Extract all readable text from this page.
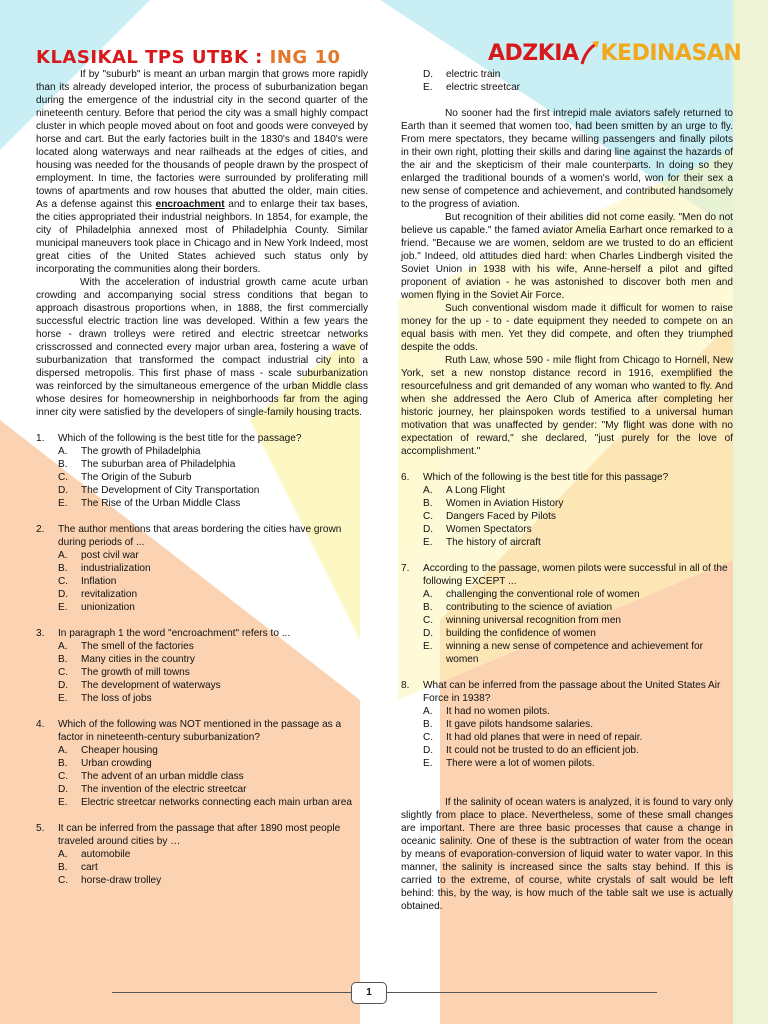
KLASIKAL TPS UTBK : ING 10	ADZKIA KEDINASAN

If by "suburb" is meant an urban margin that grows more rapidly than its already developed interior, the process of suburbanization began during the emergence of the industrial city in the second quarter of the nineteenth century. Before that period the city was a small highly compact cluster in which people moved about on foot and goods were conveyed by horse and cart. But the early factories built in the 1830's and 1840's were located along waterways and near railheads at the edges of cities, and housing was needed for the thousands of people drawn by the prospect of employment. In time, the factories were surrounded by proliferating mill towns of apartments and row houses that abutted the older, main cities. As a defense against this encroachment and to enlarge their tax bases, the cities appropriated their industrial neighbors. In 1854, for example, the city of Philadelphia annexed most of Philadelphia County. Similar municipal maneuvers took place in Chicago and in New York Indeed, most great cities of the United States achieved such status only by incorporating the communities along their borders.

With the acceleration of industrial growth came acute urban crowding and accompanying social stress conditions that began to approach disastrous proportions when, in 1888, the first commercially successful electric traction line was developed. Within a few years the horse - drawn trolleys were retired and electric streetcar networks crisscrossed and connected every major urban area, fostering a wave of suburbanization that transformed the compact industrial city into a dispersed metropolis. This first phase of mass - scale suburbanization was reinforced by the simultaneous emergence of the urban Middle class whose desires for homeownership in neighborhoods far from the aging inner city were satisfied by the developers of single-family housing tracts.

1.	Which of the following is the best title for the passage?
A.	The growth of Philadelphia
B.	The suburban area of Philadelphia
C.	The Origin of the Suburb
D.	The Development of City Transportation
E.	The Rise of the Urban Middle Class
2.	The author mentions that areas bordering the cities have grown during periods of ...
A.	post civil war
B.	industrialization
C.	Inflation
D.	revitalization
E.	unionization
3.	In paragraph 1 the word "encroachment" refers to ...
A.	The smell of the factories
B.	Many cities in the country
C.	The growth of mill towns
D.	The development of waterways
E.	The loss of jobs
4.	Which of the following was NOT mentioned in the passage as a factor in nineteenth-century suburbanization?
A.	Cheaper housing
B.	Urban crowding
C.	The advent of an urban middle class
D.	The invention of the electric streetcar
E.	Electric streetcar networks connecting each main urban area
5.	It can be inferred from the passage that after 1890 most people traveled around cities by …
A.	automobile
B.	cart
C.	horse-draw trolley
D.	electric train
E.	electric streetcar

No sooner had the first intrepid male aviators safely returned to Earth than it seemed that women too, had been smitten by an urge to fly. From mere spectators, they became willing passengers and finally pilots in their own right, plotting their skills and daring line against the hazards of the air and the skepticism of their male counterparts. In doing so they enlarged the traditional bounds of a women's world, won for their sex a new sense of competence and achievement, and contributed handsomely to the progress of aviation.

But recognition of their abilities did not come easily. "Men do not believe us capable." the famed aviator Amelia Earhart once remarked to a friend. "Because we are women, seldom are we trusted to do an efficient job." Indeed, old attitudes died hard: when Charles Lindbergh visited the Soviet Union in 1938 with his wife, Anne-herself a pilot and gifted proponent of aviation - he was astonished to discover both men and women flying in the Soviet Air Force.

Such conventional wisdom made it difficult for women to raise money for the up - to - date equipment they needed to compete on an equal basis with men. Yet they did compete, and often they triumphed despite the odds.

Ruth Law, whose 590 - mile flight from Chicago to Hornell, New York, set a new nonstop distance record in 1916, exemplified the resourcefulness and grit demanded of any woman who wanted to fly. And when she addressed the Aero Club of America after completing her historic journey, her plainspoken words testified to a universal human motivation that was unaffected by gender: "My flight was done with no expectation of reward," she declared, "just purely for the love of accomplishment."

6.	Which of the following is the best title for this passage?
A.	A Long Flight
B.	Women in Aviation History
C.	Dangers Faced by Pilots
D.	Women Spectators
E.	The history of aircraft
7.	According to the passage, women pilots were successful in all of the following EXCEPT ...
A.	challenging the conventional role of women
B.	contributing to the science of aviation
C.	winning universal recognition from men
D.	building the confidence of women
E.	winning a new sense of competence and achievement for women
8.	What can be inferred from the passage about the United States Air Force in 1938?
A.	It had no women pilots.
B.	It gave pilots handsome salaries.
C.	It had old planes that were in need of repair.
D.	It could not be trusted to do an efficient job.
E.	There were a lot of women pilots.

If the salinity of ocean waters is analyzed, it is found to vary only slightly from place to place. Nevertheless, some of these small changes are important. There are three basic processes that cause a change in oceanic salinity. One of these is the subtraction of water from the ocean by means of evaporation-conversion of liquid water to water vapor. In this manner, the salinity is increased since the salts stay behind. If this is carried to the extreme, of course, white crystals of salt would be left behind: this, by the way, is how much of the table salt we use is actually obtained.

1
